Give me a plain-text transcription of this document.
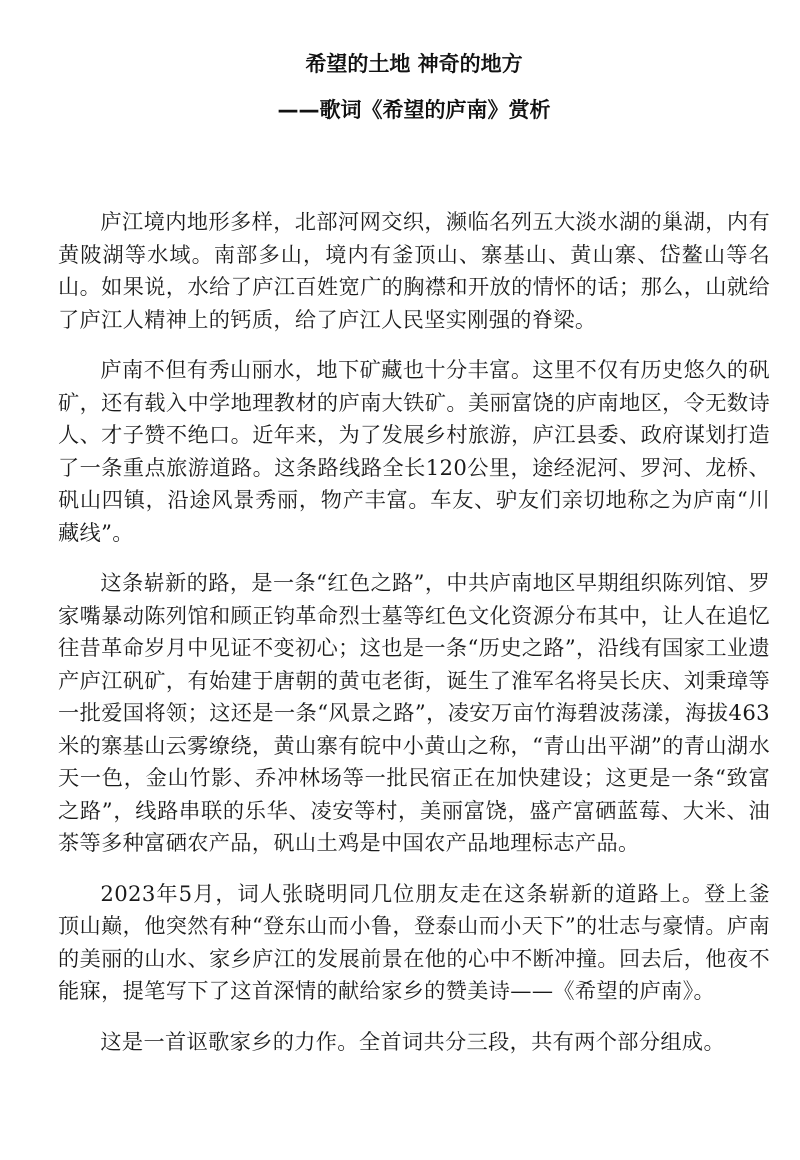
希望的土地 神奇的地方
——歌词《希望的庐南》赏析

庐江境内地形多样，北部河网交织，濒临名列五大淡水湖的巢湖，内有黄陂湖等水域。南部多山，境内有釜顶山、寨基山、黄山寨、岱鳌山等名山。如果说，水给了庐江百姓宽广的胸襟和开放的情怀的话；那么，山就给了庐江人精神上的钙质，给了庐江人民坚实刚强的脊梁。

庐南不但有秀山丽水，地下矿藏也十分丰富。这里不仅有历史悠久的矾矿，还有载入中学地理教材的庐南大铁矿。美丽富饶的庐南地区，令无数诗人、才子赞不绝口。近年来，为了发展乡村旅游，庐江县委、政府谋划打造了一条重点旅游道路。这条路线路全长120公里，途经泥河、罗河、龙桥、矾山四镇，沿途风景秀丽，物产丰富。车友、驴友们亲切地称之为庐南“川藏线”。

这条崭新的路，是一条“红色之路”，中共庐南地区早期组织陈列馆、罗家嘴暴动陈列馆和顾正钧革命烈士墓等红色文化资源分布其中，让人在追忆往昔革命岁月中见证不变初心；这也是一条“历史之路”，沿线有国家工业遗产庐江矾矿，有始建于唐朝的黄屯老街，诞生了淮军名将吴长庆、刘秉璋等一批爱国将领；这还是一条“风景之路”，凌安万亩竹海碧波荡漾，海拔463米的寨基山云雾缭绕，黄山寨有皖中小黄山之称，“青山出平湖”的青山湖水天一色，金山竹影、乔冲林场等一批民宿正在加快建设；这更是一条“致富之路”，线路串联的乐华、凌安等村，美丽富饶，盛产富硒蓝莓、大米、油茶等多种富硒农产品，矾山土鸡是中国农产品地理标志产品。

2023年5月，词人张晓明同几位朋友走在这条崭新的道路上。登上釜顶山巅，他突然有种“登东山而小鲁，登泰山而小天下”的壮志与豪情。庐南的美丽的山水、家乡庐江的发展前景在他的心中不断冲撞。回去后，他夜不能寐，提笔写下了这首深情的献给家乡的赞美诗——《希望的庐南》。

这是一首讴歌家乡的力作。全首词共分三段，共有两个部分组成。
